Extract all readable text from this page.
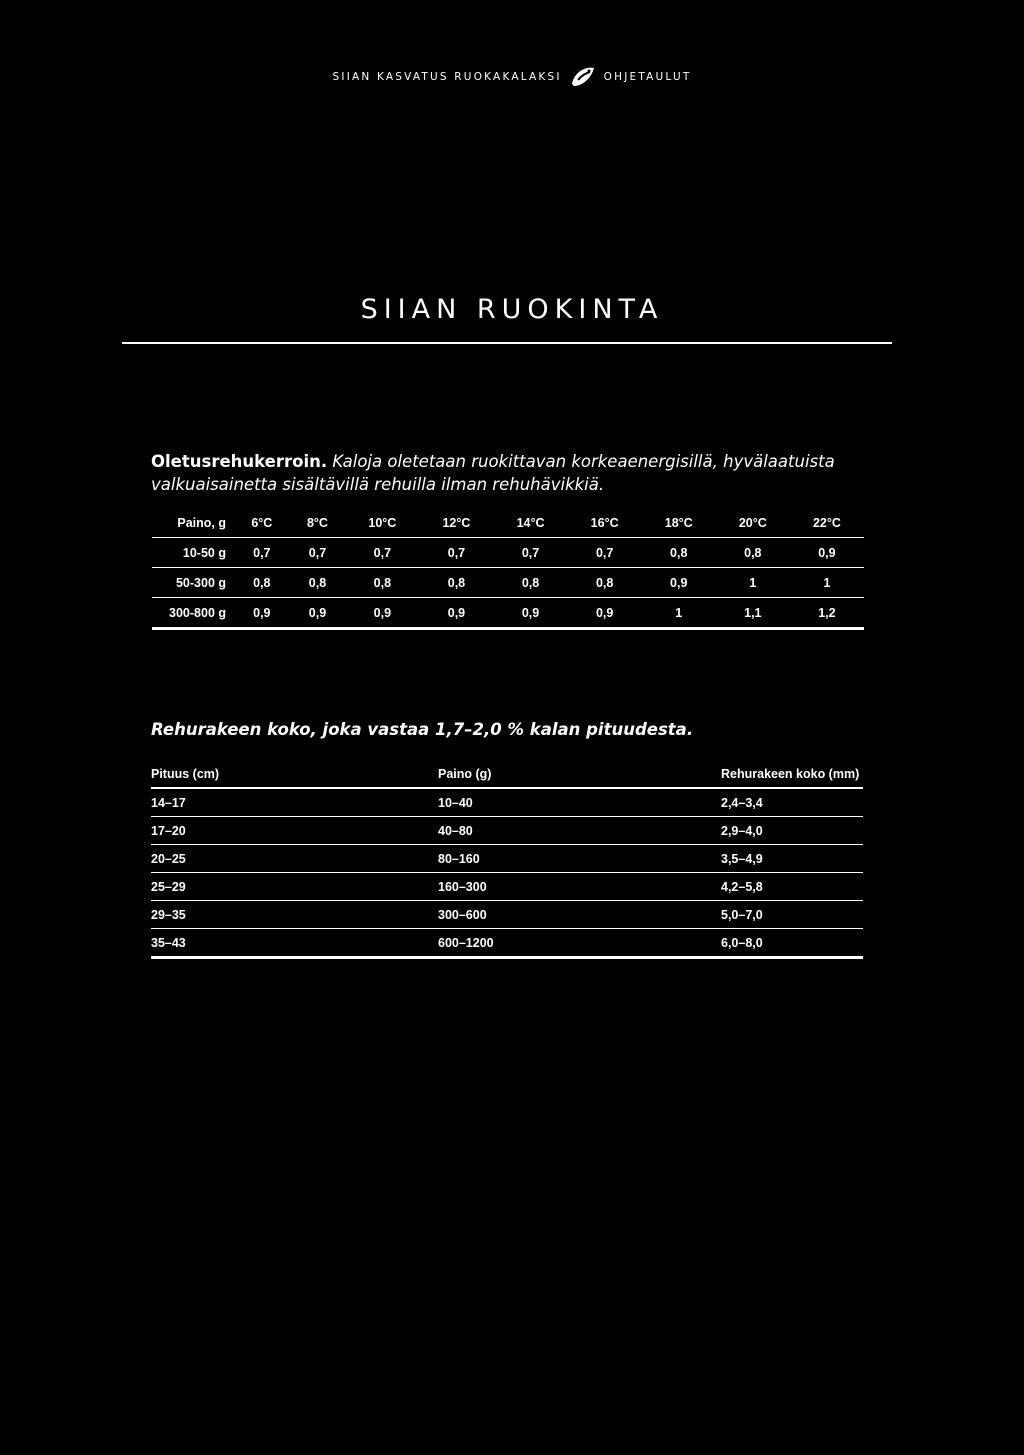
SIIAN KASVATUS RUOKAKALAKSI	OHJETAULUT
SIIAN RUOKINTA
Oletusrehukerroin. Kaloja oletetaan ruokittavan korkeaenergisillä, hyvälaatuista valkuaisainetta sisältävillä rehuilla ilman rehuhävikkiä.
Paino, g	6°C	8°C	10°C	12°C	14°C	16°C	18°C	20°C	22°C
10-50 g	0,7	0,7	0,7	0,7	0,7	0,7	0,8	0,8	0,9
50-300 g	0,8	0,8	0,8	0,8	0,8	0,8	0,9	1	1
300-800 g	0,9	0,9	0,9	0,9	0,9	0,9	1	1,1	1,2
Rehurakeen koko, joka vastaa 1,7–2,0 % kalan pituudesta.
Pituus (cm)	Paino (g)	Rehurakeen koko (mm)
14–17	10–40	2,4–3,4
17–20	40–80	2,9–4,0
20–25	80–160	3,5–4,9
25–29	160–300	4,2–5,8
29–35	300–600	5,0–7,0
35–43	600–1200	6,0–8,0
